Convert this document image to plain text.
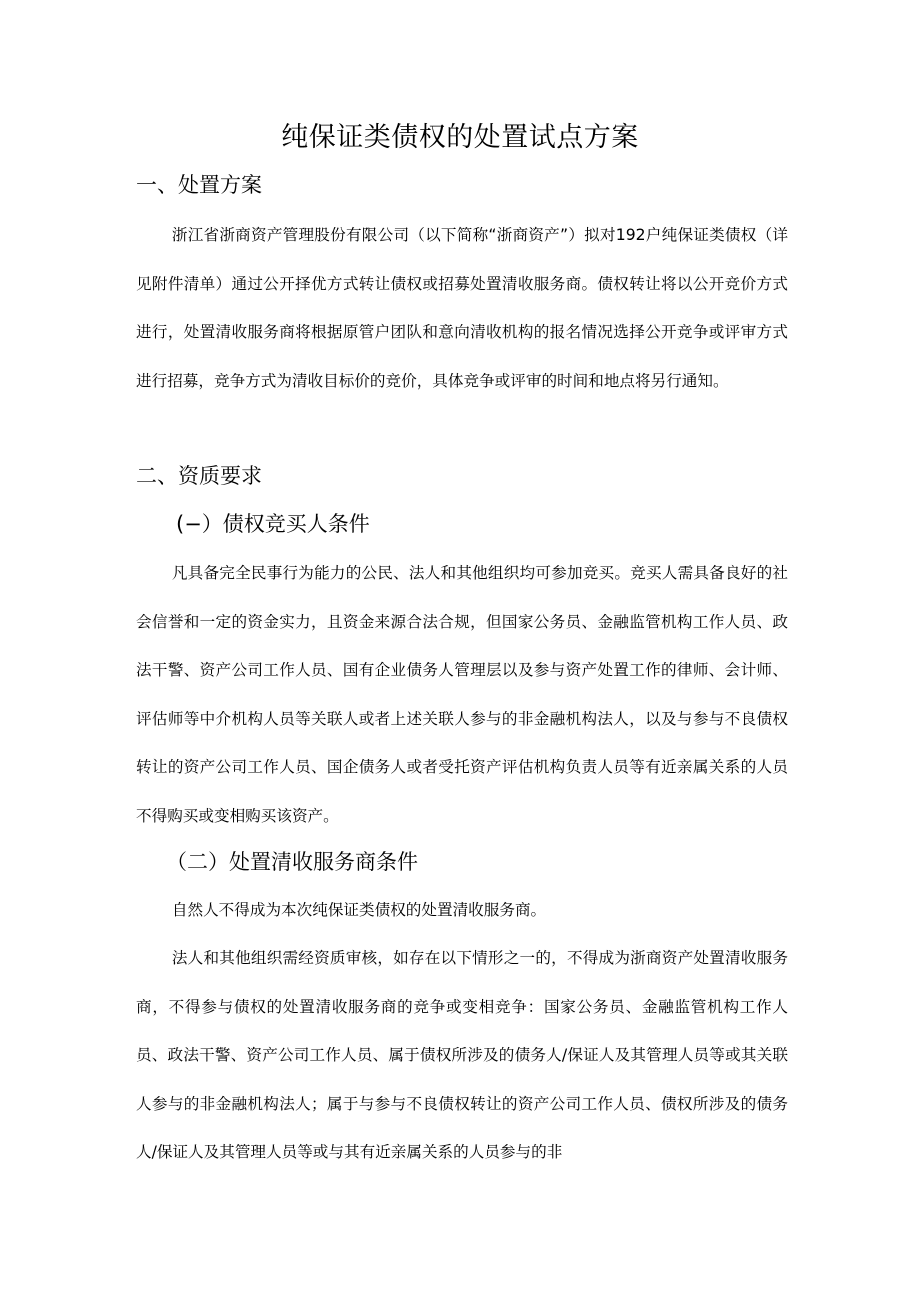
纯保证类债权的处置试点方案
一、处置方案

浙江省浙商资产管理股份有限公司（以下简称“浙商资产”）拟对192户纯保证类债权（详见附件清单）通过公开择优方式转让债权或招募处置清收服务商。债权转让将以公开竞价方式进行，处置清收服务商将根据原管户团队和意向清收机构的报名情况选择公开竞争或评审方式进行招募，竞争方式为清收目标价的竞价，具体竞争或评审的时间和地点将另行通知。

二、资质要求
(−）债权竞买人条件

凡具备完全民事行为能力的公民、法人和其他组织均可参加竞买。竞买人需具备良好的社会信誉和一定的资金实力，且资金来源合法合规，但国家公务员、金融监管机构工作人员、政法干警、资产公司工作人员、国有企业债务人管理层以及参与资产处置工作的律师、会计师、评估师等中介机构人员等关联人或者上述关联人参与的非金融机构法人，以及与参与不良债权转让的资产公司工作人员、国企债务人或者受托资产评估机构负责人员等有近亲属关系的人员不得购买或变相购买该资产。

（二）处置清收服务商条件

自然人不得成为本次纯保证类债权的处置清收服务商。

法人和其他组织需经资质审核，如存在以下情形之一的，不得成为浙商资产处置清收服务商，不得参与债权的处置清收服务商的竞争或变相竞争：国家公务员、金融监管机构工作人员、政法干警、资产公司工作人员、属于债权所涉及的债务人/保证人及其管理人员等或其关联人参与的非金融机构法人；属于与参与不良债权转让的资产公司工作人员、债权所涉及的债务人/保证人及其管理人员等或与其有近亲属关系的人员参与的非
